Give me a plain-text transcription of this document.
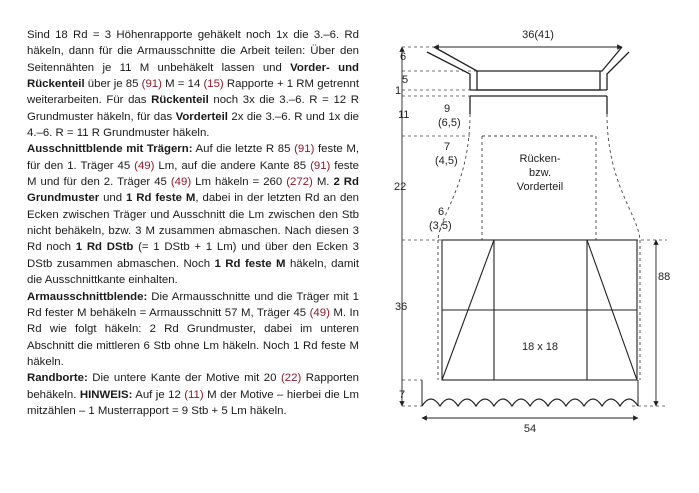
Sind 18 Rd = 3 Höhenrapporte gehäkelt noch 1x die 3.–6. Rd häkeln, dann für die Armausschnitte die Arbeit teilen: Über den Seitennähten je 11 M unbehäkelt lassen und Vorder- und Rückenteil über je 85 (91) M = 14 (15) Rapporte + 1 RM getrennt weiterarbeiten. Für das Rückenteil noch 3x die 3.–6. R = 12 R Grundmuster häkeln, für das Vorderteil 2x die 3.–6. R und 1x die 4.–6. R = 11 R Grundmuster häkeln.

Ausschnittblende mit Trägern: Auf die letzte R 85 (91) feste M, für den 1. Träger 45 (49) Lm, auf die andere Kante 85 (91) feste M und für den 2. Träger 45 (49) Lm häkeln = 260 (272) M. 2 Rd Grundmuster und 1 Rd feste M, dabei in der letzten Rd an den Ecken zwischen Träger und Ausschnitt die Lm zwischen den Stb nicht behäkeln, bzw. 3 M zusammen abmaschen. Nach diesen 3 Rd noch 1 Rd DStb (= 1 DStb + 1 Lm) und über den Ecken 3 DStb zusammen abmaschen. Noch 1 Rd feste M häkeln, damit die Ausschnittkante einhalten.

Armausschnittblende: Die Armausschnitte und die Träger mit 1 Rd fester M behäkeln = Armausschnitt 57 M, Träger 45 (49) M. In Rd wie folgt häkeln: 2 Rd Grundmuster, dabei im unteren Abschnitt die mittleren 6 Stb ohne Lm häkeln. Noch 1 Rd feste M häkeln.

Randborte: Die untere Kante der Motive mit 20 (22) Rapporten behäkeln. HINWEIS: Auf je 12 (11) M der Motive – hierbei die Lm mitzählen – 1 Musterrapport = 9 Stb + 5 Lm häkeln.

36(41)
6
5
1
11
22
36
7
9
(6,5)
7
(4,5)
6
(3,5)
Rücken-
bzw.
Vorderteil
18 x 18
88
54
